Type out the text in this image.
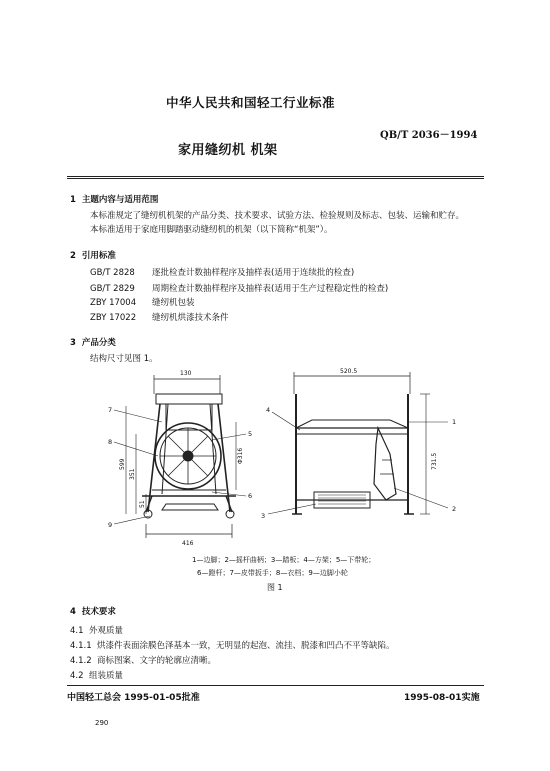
中华人民共和国轻工行业标准
QB/T 2036－1994
家用缝纫机 机架
1 主题内容与适用范围
本标准规定了缝纫机机架的产品分类、技术要求、试验方法、检验规则及标志、包装、运输和贮存。
本标准适用于家庭用脚踏驱动缝纫机的机架（以下简称“机架”）。
2 引用标准
GB/T 2828 逐批检查计数抽样程序及抽样表(适用于连续批的检查)
GB/T 2829 周期检查计数抽样程序及抽样表(适用于生产过程稳定性的检查)
ZBY 17004 缝纫机包装
ZBY 17022 缝纫机烘漆技术条件
3 产品分类
结构尺寸见图 1。
130	520.5
416
599
351
51
Φ316	731.5
1
2
3
4
5
6
7
8
9
1—边脚；2—摇杆曲柄；3—踏板；4—方架；5—下带轮；
6—蹬杆；7—皮带扳手；8—衣档；9—边脚小轮
图 1
4 技术要求
4.1 外观质量
4.1.1 烘漆件表面涂膜色泽基本一致，无明显的起泡、流挂、脱漆和凹凸不平等缺陷。
4.1.2 商标图案、文字的轮廓应清晰。
4.2 组装质量
中国轻工总会 1995-01-05批准	1995-08-01实施
290
